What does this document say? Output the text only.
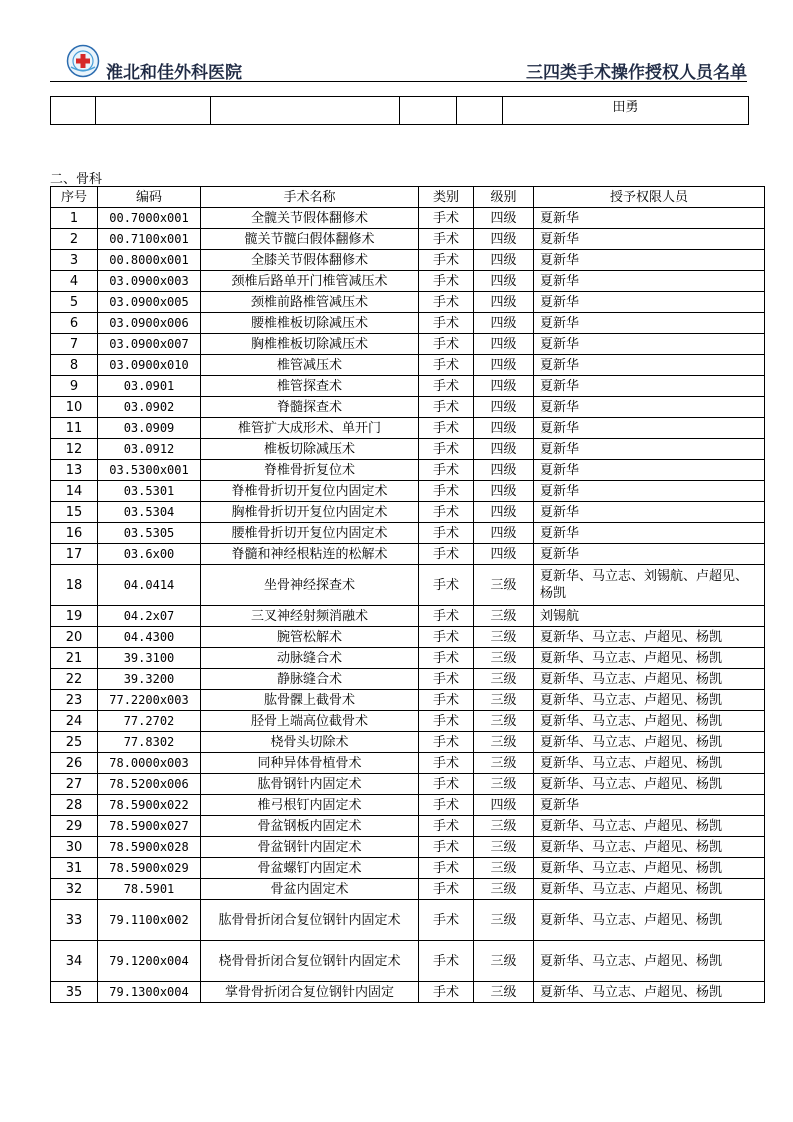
淮北和佳外科医院	三四类手术操作授权人员名单
					田勇
二、骨科
序号	编码	手术名称	类别	级别	授予权限人员
1	00.7000x001	全髋关节假体翻修术	手术	四级	夏新华
2	00.7100x001	髋关节髋臼假体翻修术	手术	四级	夏新华
3	00.8000x001	全膝关节假体翻修术	手术	四级	夏新华
4	03.0900x003	颈椎后路单开门椎管减压术	手术	四级	夏新华
5	03.0900x005	颈椎前路椎管减压术	手术	四级	夏新华
6	03.0900x006	腰椎椎板切除减压术	手术	四级	夏新华
7	03.0900x007	胸椎椎板切除减压术	手术	四级	夏新华
8	03.0900x010	椎管减压术	手术	四级	夏新华
9	03.0901	椎管探查术	手术	四级	夏新华
10	03.0902	脊髓探查术	手术	四级	夏新华
11	03.0909	椎管扩大成形术、单开门	手术	四级	夏新华
12	03.0912	椎板切除减压术	手术	四级	夏新华
13	03.5300x001	脊椎骨折复位术	手术	四级	夏新华
14	03.5301	脊椎骨折切开复位内固定术	手术	四级	夏新华
15	03.5304	胸椎骨折切开复位内固定术	手术	四级	夏新华
16	03.5305	腰椎骨折切开复位内固定术	手术	四级	夏新华
17	03.6x00	脊髓和神经根粘连的松解术	手术	四级	夏新华
18	04.0414	坐骨神经探查术	手术	三级	夏新华、马立志、刘锡航、卢超见、杨凯
19	04.2x07	三叉神经射频消融术	手术	三级	刘锡航
20	04.4300	腕管松解术	手术	三级	夏新华、马立志、卢超见、杨凯
21	39.3100	动脉缝合术	手术	三级	夏新华、马立志、卢超见、杨凯
22	39.3200	静脉缝合术	手术	三级	夏新华、马立志、卢超见、杨凯
23	77.2200x003	肱骨髁上截骨术	手术	三级	夏新华、马立志、卢超见、杨凯
24	77.2702	胫骨上端高位截骨术	手术	三级	夏新华、马立志、卢超见、杨凯
25	77.8302	桡骨头切除术	手术	三级	夏新华、马立志、卢超见、杨凯
26	78.0000x003	同种异体骨植骨术	手术	三级	夏新华、马立志、卢超见、杨凯
27	78.5200x006	肱骨钢针内固定术	手术	三级	夏新华、马立志、卢超见、杨凯
28	78.5900x022	椎弓根钉内固定术	手术	四级	夏新华
29	78.5900x027	骨盆钢板内固定术	手术	三级	夏新华、马立志、卢超见、杨凯
30	78.5900x028	骨盆钢针内固定术	手术	三级	夏新华、马立志、卢超见、杨凯
31	78.5900x029	骨盆螺钉内固定术	手术	三级	夏新华、马立志、卢超见、杨凯
32	78.5901	骨盆内固定术	手术	三级	夏新华、马立志、卢超见、杨凯
33	79.1100x002	肱骨骨折闭合复位钢针内固定术	手术	三级	夏新华、马立志、卢超见、杨凯
34	79.1200x004	桡骨骨折闭合复位钢针内固定术	手术	三级	夏新华、马立志、卢超见、杨凯
35	79.1300x004	掌骨骨折闭合复位钢针内固定	手术	三级	夏新华、马立志、卢超见、杨凯
